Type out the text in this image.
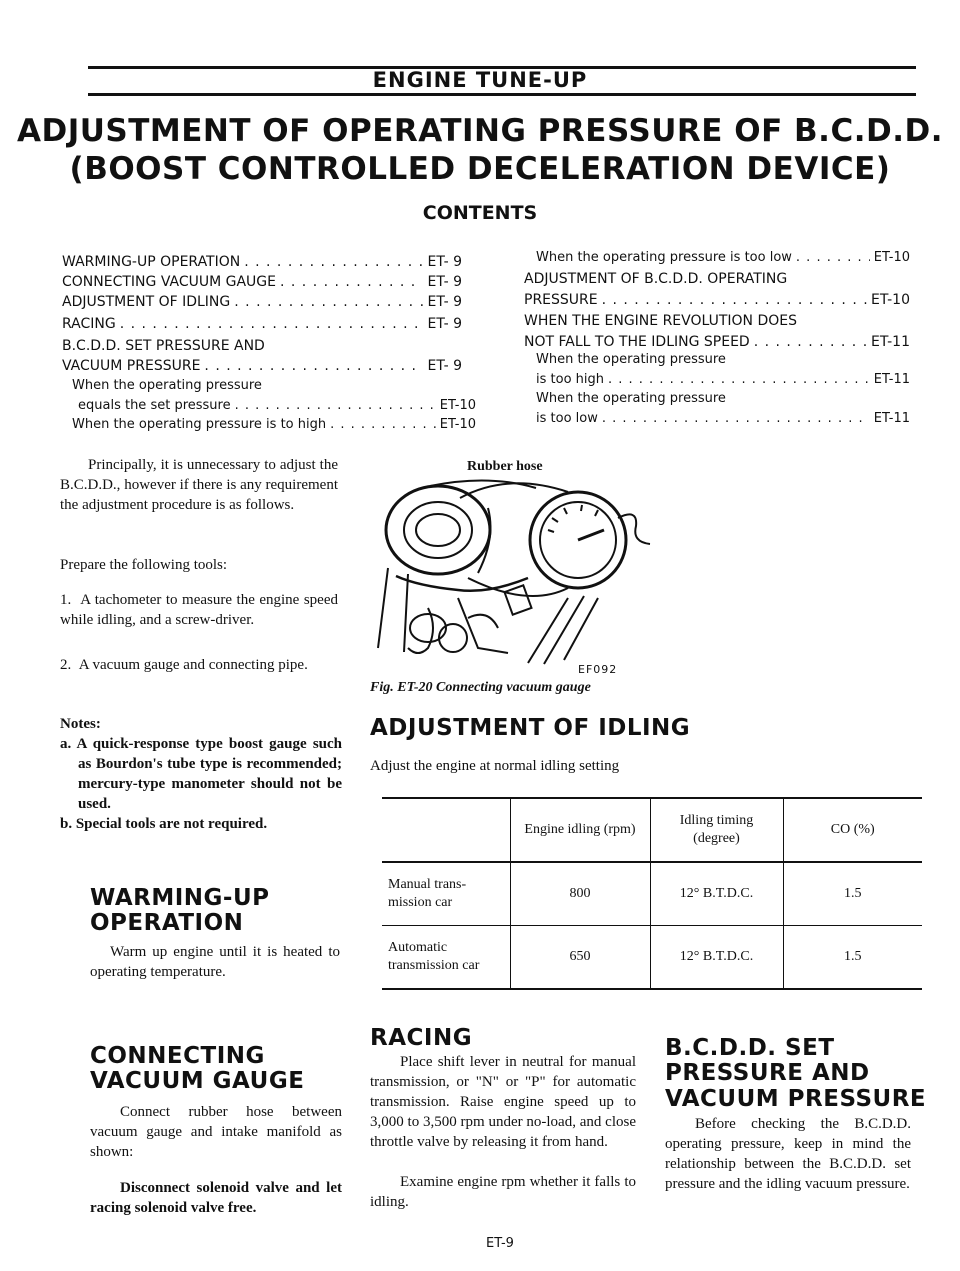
ENGINE TUNE-UP
ADJUSTMENT OF OPERATING PRESSURE OF B.C.D.D.
(BOOST CONTROLLED DECELERATION DEVICE)
CONTENTS
WARMING-UP OPERATION . . .	ET- 9
CONNECTING VACUUM GAUGE . . .	ET- 9
ADJUSTMENT OF IDLING . . .	ET- 9
RACING . . .	ET- 9
B.C.D.D. SET PRESSURE AND
VACUUM PRESSURE . . .	ET- 9
When the operating pressure
equals the set pressure . . .	ET-10
When the operating pressure is to high . . .	ET-10
When the operating pressure is too low . . .	ET-10
ADJUSTMENT OF B.C.D.D. OPERATING
PRESSURE . . .	ET-10
WHEN THE ENGINE REVOLUTION DOES
NOT FALL TO THE IDLING SPEED . . .	ET-11
When the operating pressure
is too high . . .	ET-11
When the operating pressure
is too low . . .	ET-11
Principally, it is unnecessary to adjust the B.C.D.D., however if there is any requirement the adjustment procedure is as follows.
Prepare the following tools:
1. A tachometer to measure the engine speed while idling, and a screw-driver.
2. A vacuum gauge and connecting pipe.
Notes:
a. A quick-response type boost gauge such as Bourdon's tube type is recommended; mercury-type manometer should not be used.
b. Special tools are not required.
WARMING-UP
OPERATION
Warm up engine until it is heated to operating temperature.
CONNECTING
VACUUM GAUGE
Connect rubber hose between vacuum gauge and intake manifold as shown:
Disconnect solenoid valve and let racing solenoid valve free.
Rubber hose
EF092
Fig. ET-20 Connecting vacuum gauge
ADJUSTMENT OF IDLING
Adjust the engine at normal idling setting
	Engine idling (rpm)	Idling timing (degree)	CO (%)
Manual trans-mission car	800	12° B.T.D.C.	1.5
Automatic transmission car	650	12° B.T.D.C.	1.5
RACING
Place shift lever in neutral for manual transmission, or "N" or "P" for automatic transmission. Raise engine speed up to 3,000 to 3,500 rpm under no-load, and close throttle valve by releasing it from hand.
Examine engine rpm whether it falls to idling.
B.C.D.D. SET
PRESSURE AND
VACUUM PRESSURE
Before checking the B.C.D.D. operating pressure, keep in mind the relationship between the B.C.D.D. set pressure and the idling vacuum pressure.
ET-9
